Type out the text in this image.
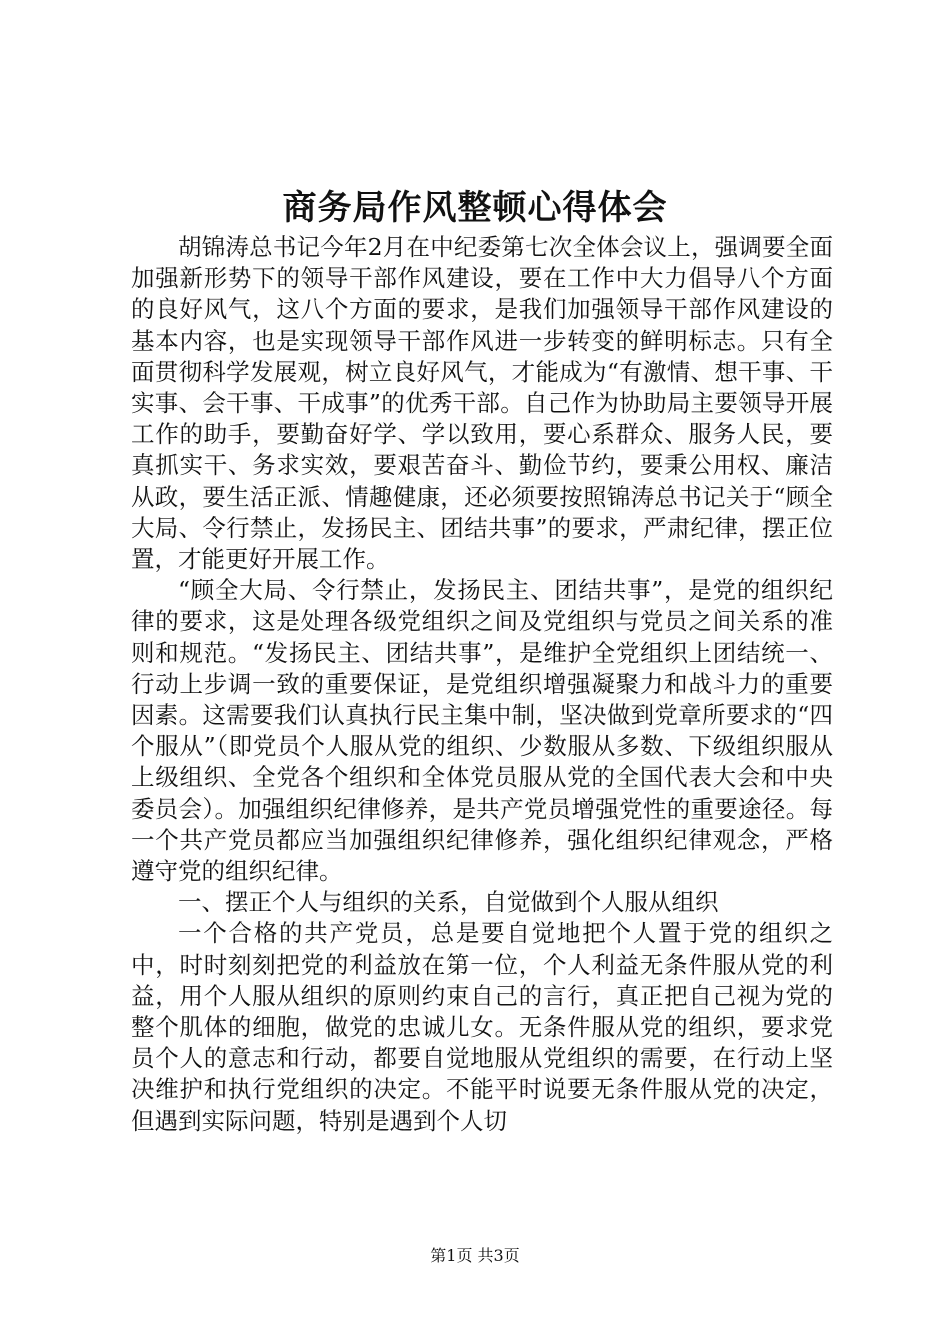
商务局作风整顿心得体会

胡锦涛总书记今年2月在中纪委第七次全体会议上，强调要全面加强新形势下的领导干部作风建设，要在工作中大力倡导八个方面的良好风气，这八个方面的要求，是我们加强领导干部作风建设的基本内容，也是实现领导干部作风进一步转变的鲜明标志。只有全面贯彻科学发展观，树立良好风气，才能成为“有激情、想干事、干实事、会干事、干成事”的优秀干部。自己作为协助局主要领导开展工作的助手，要勤奋好学、学以致用，要心系群众、服务人民，要真抓实干、务求实效，要艰苦奋斗、勤俭节约，要秉公用权、廉洁从政，要生活正派、情趣健康，还必须要按照锦涛总书记关于“顾全大局、令行禁止，发扬民主、团结共事”的要求，严肃纪律，摆正位置，才能更好开展工作。

“顾全大局、令行禁止，发扬民主、团结共事”，是党的组织纪律的要求，这是处理各级党组织之间及党组织与党员之间关系的准则和规范。“发扬民主、团结共事”，是维护全党组织上团结统一、行动上步调一致的重要保证，是党组织增强凝聚力和战斗力的重要因素。这需要我们认真执行民主集中制，坚决做到党章所要求的“四个服从”（即党员个人服从党的组织、少数服从多数、下级组织服从上级组织、全党各个组织和全体党员服从党的全国代表大会和中央委员会）。加强组织纪律修养，是共产党员增强党性的重要途径。每一个共产党员都应当加强组织纪律修养，强化组织纪律观念，严格遵守党的组织纪律。

一、摆正个人与组织的关系，自觉做到个人服从组织

一个合格的共产党员，总是要自觉地把个人置于党的组织之中，时时刻刻把党的利益放在第一位，个人利益无条件服从党的利益，用个人服从组织的原则约束自己的言行，真正把自己视为党的整个肌体的细胞，做党的忠诚儿女。无条件服从党的组织，要求党员个人的意志和行动，都要自觉地服从党组织的需要，在行动上坚决维护和执行党组织的决定。不能平时说要无条件服从党的决定，但遇到实际问题，特别是遇到个人切

第1页 共3页
